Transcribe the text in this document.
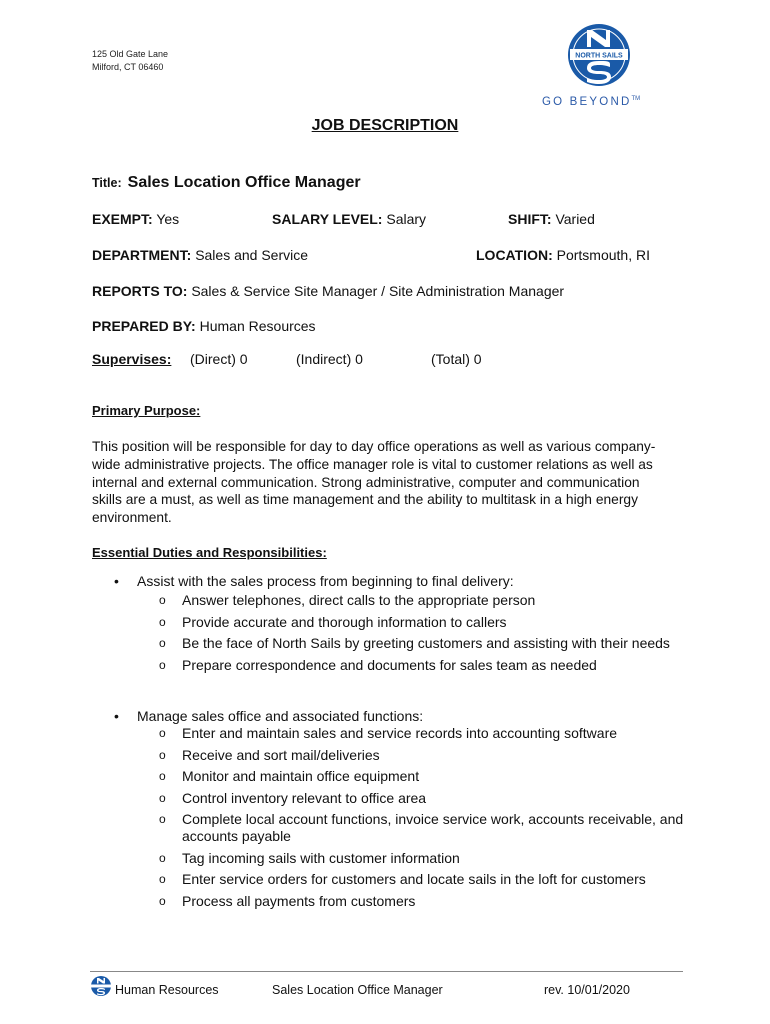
125 Old Gate Lane
Milford, CT 06460
NORTH SAILS
GO BEYOND™
JOB DESCRIPTION
Title: Sales Location Office Manager
EXEMPT: Yes	SALARY LEVEL: Salary	SHIFT: Varied
DEPARTMENT: Sales and Service	LOCATION: Portsmouth, RI
REPORTS TO: Sales & Service Site Manager / Site Administration Manager
PREPARED BY: Human Resources
Supervises: (Direct) 0	(Indirect) 0	(Total) 0
Primary Purpose:

This position will be responsible for day to day office operations as well as various company-wide administrative projects. The office manager role is vital to customer relations as well as internal and external communication. Strong administrative, computer and communication skills are a must, as well as time management and the ability to multitask in a high energy environment.

Essential Duties and Responsibilities:
• Assist with the sales process from beginning to final delivery:
o Answer telephones, direct calls to the appropriate person
o Provide accurate and thorough information to callers
o Be the face of North Sails by greeting customers and assisting with their needs
o Prepare correspondence and documents for sales team as needed
• Manage sales office and associated functions:
o Enter and maintain sales and service records into accounting software
o Receive and sort mail/deliveries
o Monitor and maintain office equipment
o Control inventory relevant to office area
o Complete local account functions, invoice service work, accounts receivable, and accounts payable
o Tag incoming sails with customer information
o Enter service orders for customers and locate sails in the loft for customers
o Process all payments from customers
Human Resources	Sales Location Office Manager	rev. 10/01/2020
